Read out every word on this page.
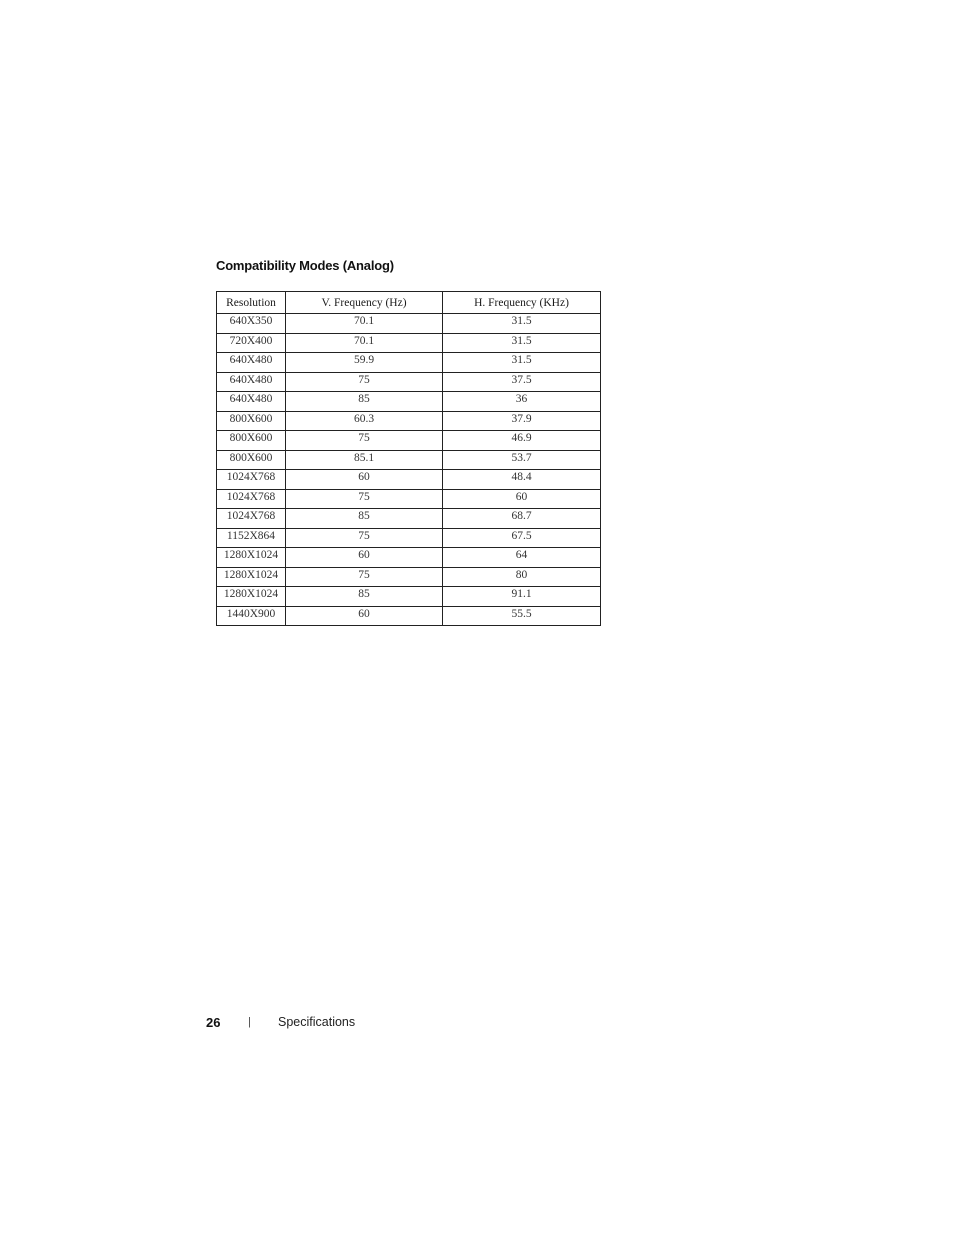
Compatibility Modes (Analog)
Resolution	V. Frequency (Hz)	H. Frequency (KHz)
640X350	70.1	31.5
720X400	70.1	31.5
640X480	59.9	31.5
640X480	75	37.5
640X480	85	36
800X600	60.3	37.9
800X600	75	46.9
800X600	85.1	53.7
1024X768	60	48.4
1024X768	75	60
1024X768	85	68.7
1152X864	75	67.5
1280X1024	60	64
1280X1024	75	80
1280X1024	85	91.1
1440X900	60	55.5
26	| Specifications
